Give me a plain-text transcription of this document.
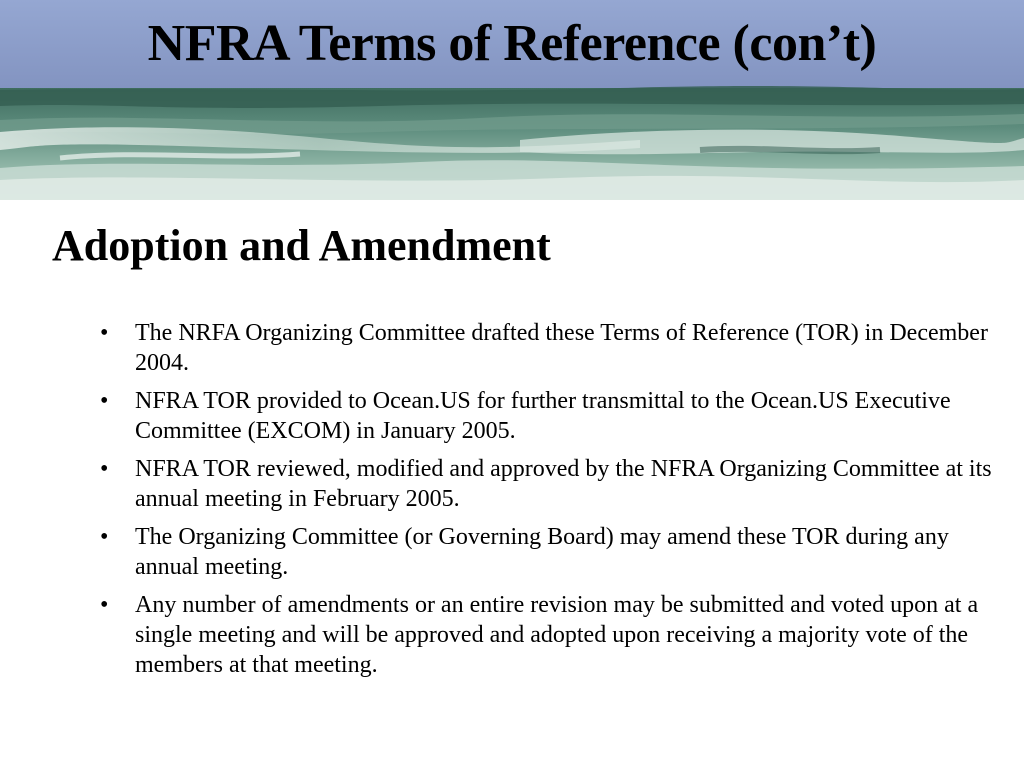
NFRA Terms of Reference (con’t)
Adoption and Amendment
•	The NRFA Organizing Committee drafted these Terms of Reference (TOR) in December 2004.
•	NFRA TOR provided to Ocean.US for further transmittal to the Ocean.US Executive Committee (EXCOM) in January 2005.
•	NFRA TOR reviewed, modified and approved by the NFRA Organizing Committee at its annual meeting in February 2005.
•	The Organizing Committee (or Governing Board) may amend these TOR during any annual meeting.
•	Any number of amendments or an entire revision may be submitted and voted upon at a single meeting and will be approved and adopted upon receiving a majority vote of the members at that meeting.
